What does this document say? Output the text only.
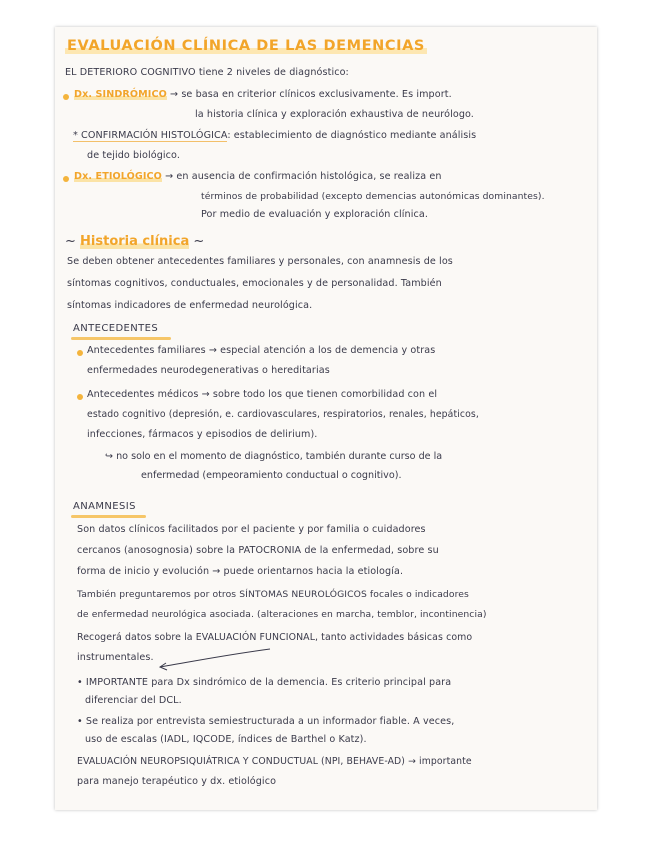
EVALUACIÓN CLÍNICA DE LAS DEMENCIAS
EL DETERIORO COGNITIVO tiene 2 niveles de diagnóstico:
Dx. SINDRÓMICO → se basa en criterior clínicos exclusivamente. Es import.
la historia clínica y exploración exhaustiva de neurólogo.
* CONFIRMACIÓN HISTOLÓGICA: establecimiento de diagnóstico mediante análisis
de tejido biológico.
Dx. ETIOLÓGICO → en ausencia de confirmación histológica, se realiza en
términos de probabilidad (excepto demencias autonómicas dominantes).
Por medio de evaluación y exploración clínica.
~ Historia clínica ~
Se deben obtener antecedentes familiares y personales, con anamnesis de los
síntomas cognitivos, conductuales, emocionales y de personalidad. También
síntomas indicadores de enfermedad neurológica.
ANTECEDENTES
Antecedentes familiares → especial atención a los de demencia y otras
enfermedades neurodegenerativas o hereditarias
Antecedentes médicos → sobre todo los que tienen comorbilidad con el
estado cognitivo (depresión, e. cardiovasculares, respiratorios, renales, hepáticos,
infecciones, fármacos y episodios de delirium).
↪ no solo en el momento de diagnóstico, también durante curso de la
enfermedad (empeoramiento conductual o cognitivo).
ANAMNESIS
Son datos clínicos facilitados por el paciente y por familia o cuidadores
cercanos (anosognosia) sobre la PATOCRONIA de la enfermedad, sobre su
forma de inicio y evolución → puede orientarnos hacia la etiología.
También preguntaremos por otros SÍNTOMAS NEUROLÓGICOS focales o indicadores
de enfermedad neurológica asociada. (alteraciones en marcha, temblor, incontinencia)
Recogerá datos sobre la EVALUACIÓN FUNCIONAL, tanto actividades básicas como
instrumentales.
• IMPORTANTE para Dx sindrómico de la demencia. Es criterio principal para
diferenciar del DCL.
• Se realiza por entrevista semiestructurada a un informador fiable. A veces,
uso de escalas (IADL, IQCODE, índices de Barthel o Katz).
EVALUACIÓN NEUROPSIQUIÁTRICA Y CONDUCTUAL (NPI, BEHAVE-AD) → importante
para manejo terapéutico y dx. etiológico
